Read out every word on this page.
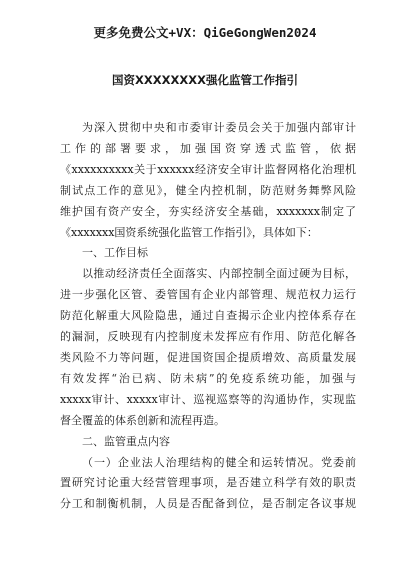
更多免费公文+VX：QiGeGongWen2024
国资XXXXXXXX强化监管工作指引
为深入贯彻中央和市委审计委员会关于加强内部审计
工作的部署要求，加强国资穿透式监管，依据
《xxxxxxxxxx关于xxxxxx经济安全审计监督网格化治理机
制试点工作的意见》，健全内控机制，防范财务舞弊风险
维护国有资产安全，夯实经济安全基础，xxxxxxx制定了
《xxxxxxx国资系统强化监管工作指引》，具体如下：
一、工作目标
以推动经济责任全面落实、内部控制全面过硬为目标，
进一步强化区管、委管国有企业内部管理、规范权力运行
防范化解重大风险隐患，通过自查揭示企业内控体系存在
的漏洞，反映现有内控制度未发挥应有作用、防范化解各
类风险不力等问题，促进国资国企提质增效、高质量发展
有效发挥“治已病、防未病”的免疫系统功能，加强与
xxxxx审计、xxxxx审计、巡视巡察等的沟通协作，实现监
督全覆盖的体系创新和流程再造。
二、监管重点内容
（一）企业法人治理结构的健全和运转情况。党委前
置研究讨论重大经营管理事项，是否建立科学有效的职责
分工和制衡机制，人员是否配备到位，是否制定各议事规
